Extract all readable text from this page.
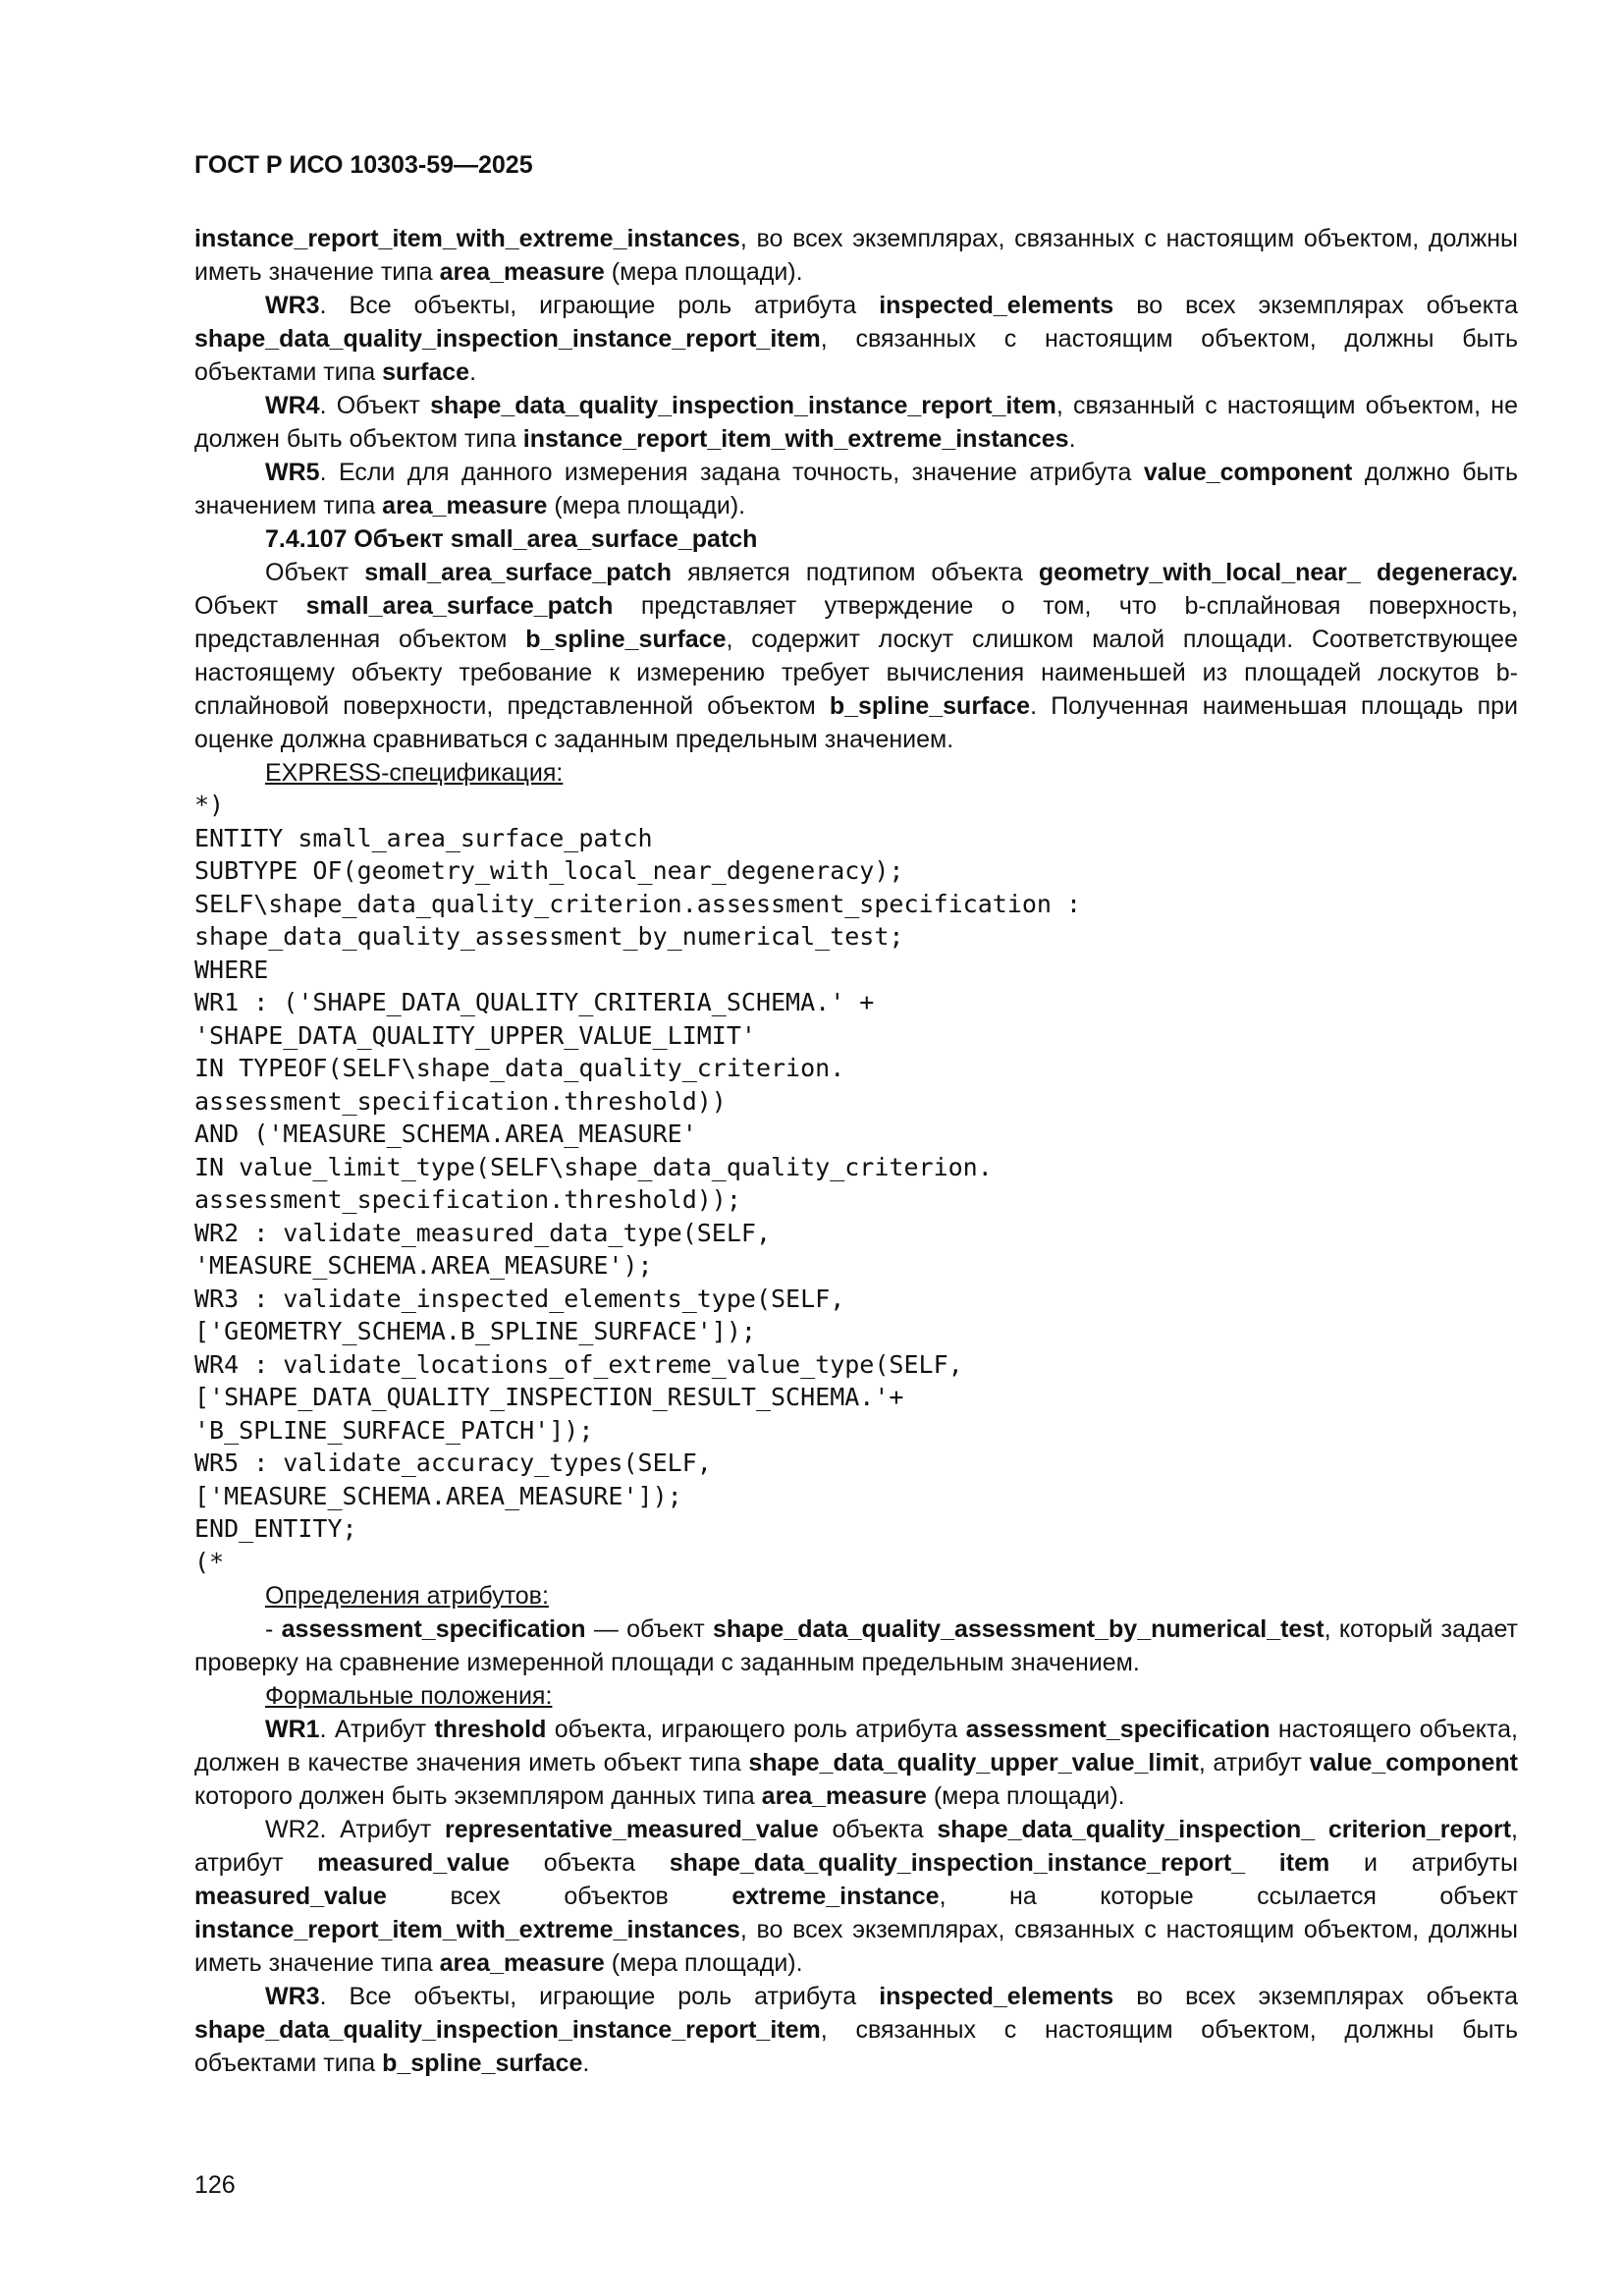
ГОСТ Р ИСО 10303-59—2025

instance_report_item_with_extreme_instances, во всех экземплярах, связанных с настоящим объектом, должны иметь значение типа area_measure (мера площади).

WR3. Все объекты, играющие роль атрибута inspected_elements во всех экземплярах объекта shape_data_quality_inspection_instance_report_item, связанных с настоящим объектом, должны быть объектами типа surface.

WR4. Объект shape_data_quality_inspection_instance_report_item, связанный с настоящим объектом, не должен быть объектом типа instance_report_item_with_extreme_instances.

WR5. Если для данного измерения задана точность, значение атрибута value_component должно быть значением типа area_measure (мера площади).

7.4.107 Объект small_area_surface_patch

Объект small_area_surface_patch является подтипом объекта geometry_with_local_near_ degeneracy. Объект small_area_surface_patch представляет утверждение о том, что b-сплайновая поверхность, представленная объектом b_spline_surface, содержит лоскут слишком малой площади. Соответствующее настоящему объекту требование к измерению требует вычисления наименьшей из площадей лоскутов b-сплайновой поверхности, представленной объектом b_spline_surface. Полученная наименьшая площадь при оценке должна сравниваться с заданным предельным значением.

EXPRESS-спецификация:

*)
ENTITY small_area_surface_patch
SUBTYPE OF(geometry_with_local_near_degeneracy);
SELF\shape_data_quality_criterion.assessment_specification :
shape_data_quality_assessment_by_numerical_test;
WHERE
WR1 : ('SHAPE_DATA_QUALITY_CRITERIA_SCHEMA.' +
'SHAPE_DATA_QUALITY_UPPER_VALUE_LIMIT'
IN TYPEOF(SELF\shape_data_quality_criterion.
assessment_specification.threshold))
AND ('MEASURE_SCHEMA.AREA_MEASURE'
IN value_limit_type(SELF\shape_data_quality_criterion.
assessment_specification.threshold));
WR2 : validate_measured_data_type(SELF,
'MEASURE_SCHEMA.AREA_MEASURE');
WR3 : validate_inspected_elements_type(SELF,
['GEOMETRY_SCHEMA.B_SPLINE_SURFACE']);
WR4 : validate_locations_of_extreme_value_type(SELF,
['SHAPE_DATA_QUALITY_INSPECTION_RESULT_SCHEMA.'+
'B_SPLINE_SURFACE_PATCH']);
WR5 : validate_accuracy_types(SELF,
['MEASURE_SCHEMA.AREA_MEASURE']);
END_ENTITY;
(*

Определения атрибутов:

- assessment_specification — объект shape_data_quality_assessment_by_numerical_test, который задает проверку на сравнение измеренной площади с заданным предельным значением.

Формальные положения:

WR1. Атрибут threshold объекта, играющего роль атрибута assessment_specification настоящего объекта, должен в качестве значения иметь объект типа shape_data_quality_upper_value_limit, атрибут value_component которого должен быть экземпляром данных типа area_measure (мера площади).

WR2. Атрибут representative_measured_value объекта shape_data_quality_inspection_ criterion_report, атрибут measured_value объекта shape_data_quality_inspection_instance_report_ item и атрибуты measured_value всех объектов extreme_instance, на которые ссылается объект instance_report_item_with_extreme_instances, во всех экземплярах, связанных с настоящим объектом, должны иметь значение типа area_measure (мера площади).

WR3. Все объекты, играющие роль атрибута inspected_elements во всех экземплярах объекта shape_data_quality_inspection_instance_report_item, связанных с настоящим объектом, должны быть объектами типа b_spline_surface.

126
